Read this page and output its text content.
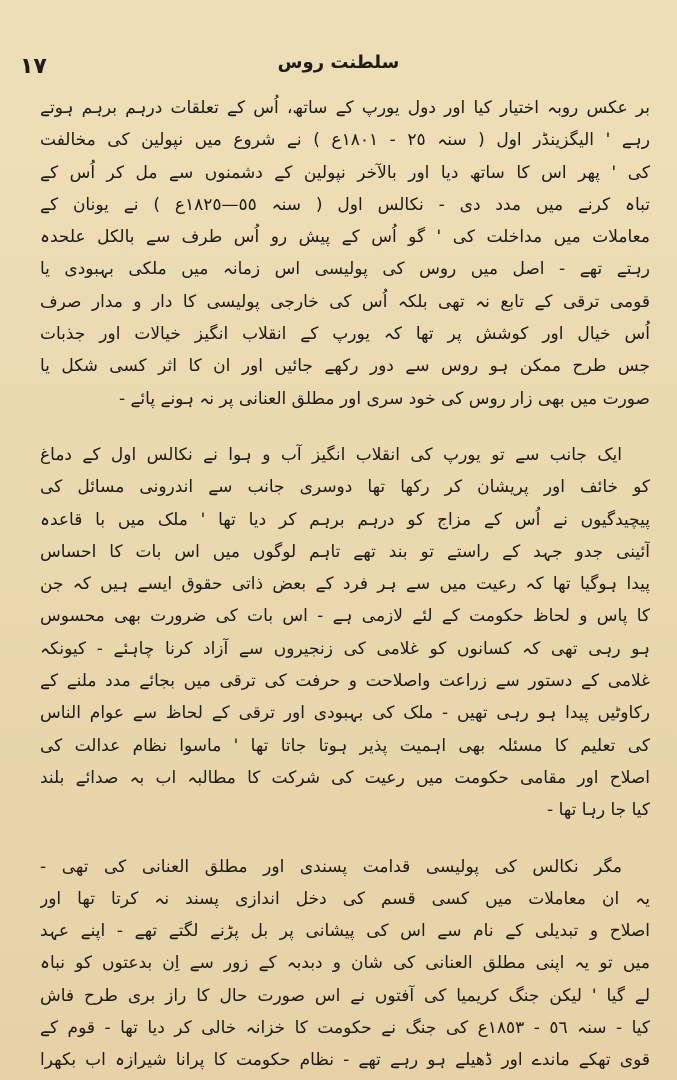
١٧	سلطنت روس
بر عکس روبہ اختیار کیا اور دول یورپ کے ساتھ، اُس کے تعلقات درہم برہم ہوتے
رہے ' الیگزینڈر اول ( سنہ ٢٥ - ١٨٠١ع ) نے شروع میں نپولین کی مخالفت
کی ' پھر اس کا ساتھ دیا اور بالآخر نپولین کے دشمنوں سے مل کر اُس کے
تباہ کرنے میں مدد دی - نکالس اول ( سنہ ٥٥—١٨٢٥ع ) نے یونان کے
معاملات میں مداخلت کی ' گو اُس کے پیش رو اُس طرف سے بالکل علحدہ
رہتے تھے - اصل میں روس کی پولیسی اس زمانہ میں ملکی بہبودی یا
قومی ترقی کے تابع نہ تھی بلکہ اُس کی خارجی پولیسی کا دار و مدار صرف
اُس خیال اور کوشش پر تھا کہ یورپ کے انقلاب انگیز خیالات اور جذبات
جس طرح ممکن ہو روس سے دور رکھے جائیں اور ان کا اثر کسی شکل یا
صورت میں بھی زار روس کی خود سری اور مطلق العنانی پر نہ ہونے پائے -
ایک جانب سے تو یورپ کی انقلاب انگیز آب و ہوا نے نکالس اول کے دماغ
کو خائف اور پریشان کر رکھا تھا دوسری جانب سے اندرونی مسائل کی
پیچیدگیوں نے اُس کے مزاج کو درہم برہم کر دیا تھا ' ملک میں با قاعدہ
آئینی جدو جہد کے راستے تو بند تھے تاہم لوگوں میں اس بات کا احساس
پیدا ہوگیا تھا کہ رعیت میں سے ہر فرد کے بعض ذاتی حقوق ایسے ہیں کہ جن
کا پاس و لحاظ حکومت کے لئے لازمی ہے - اس بات کی ضرورت بھی محسوس
ہو رہی تھی کہ کسانوں کو غلامی کی زنجیروں سے آزاد کرنا چاہئے - کیونکہ
غلامی کے دستور سے زراعت واصلاحت و حرفت کی ترقی میں بجائے مدد ملنے کے
رکاوٹیں پیدا ہو رہی تھیں - ملک کی بہبودی اور ترقی کے لحاظ سے عوام الناس
کی تعلیم کا مسئلہ بھی اہمیت پذیر ہوتا جاتا تھا ' ماسوا نظام عدالت کی
اصلاح اور مقامی حکومت میں رعیت کی شرکت کا مطالبہ اب بہ صدائے بلند
کیا جا رہا تھا -
مگر نکالس کی پولیسی قدامت پسندی اور مطلق العنانی کی تھی -
یہ ان معاملات میں کسی قسم کی دخل اندازی پسند نہ کرتا تھا اور
اصلاح و تبدیلی کے نام سے اس کی پیشانی پر بل پڑنے لگتے تھے - اپنے عہد
میں تو یہ اپنی مطلق العنانی کی شان و دبدبہ کے زور سے اِن بدعتوں کو نباہ
لے گیا ' لیکن جنگ کریمیا کی آفتوں نے اس صورت حال کا راز بری طرح فاش
کیا - سنہ ٥٦ - ١٨٥٣ع کی جنگ نے حکومت کا خزانہ خالی کر دیا تھا - قوم کے
قوی تھکے ماندے اور ڈھیلے ہو رہے تھے - نظام حکومت کا پرانا شیرازہ اب بکھرا
